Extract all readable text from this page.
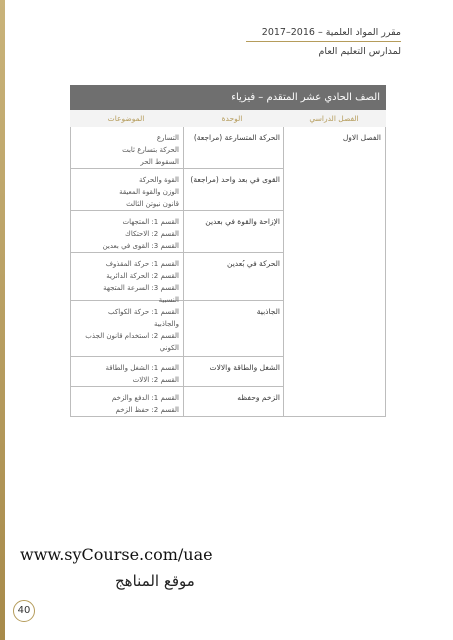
مقرر المواد العلمية – 2016–2017
لمدارس التعليم العام
الصف الحادي عشر المتقدم – فيزياء
الفصل الدراسي
الوحدة
الموضوعات
الفصل الاول
الحركة المتسارعة (مراجعة)
التسارع
الحركة بتسارع ثابت
السقوط الحر
القوى في بعد واحد (مراجعة)
القوة والحركة
الوزن والقوة المعيقة
قانون نيوتن الثالث
الإزاحة والقوة في بعدين
القسم 1: المتجهات
القسم 2: الاحتكاك
القسم 3: القوى في بعدين
الحركة في بُعدين
القسم 1: حركة المقذوف
القسم 2: الحركة الدائرية
القسم 3: السرعة المتجهة
النسبية
الجاذبية
القسم 1: حركة الكواكب
والجاذبية
القسم 2: استخدام قانون الجذب
الكوني
الشغل والطاقة والالات
القسم 1: الشغل والطاقة
القسم 2: الالات
الزخم وحفظه
القسم 1: الدفع والزخم
القسم 2: حفظ الزخم
www.syCourse.com/uae
موقع المناهج
40
